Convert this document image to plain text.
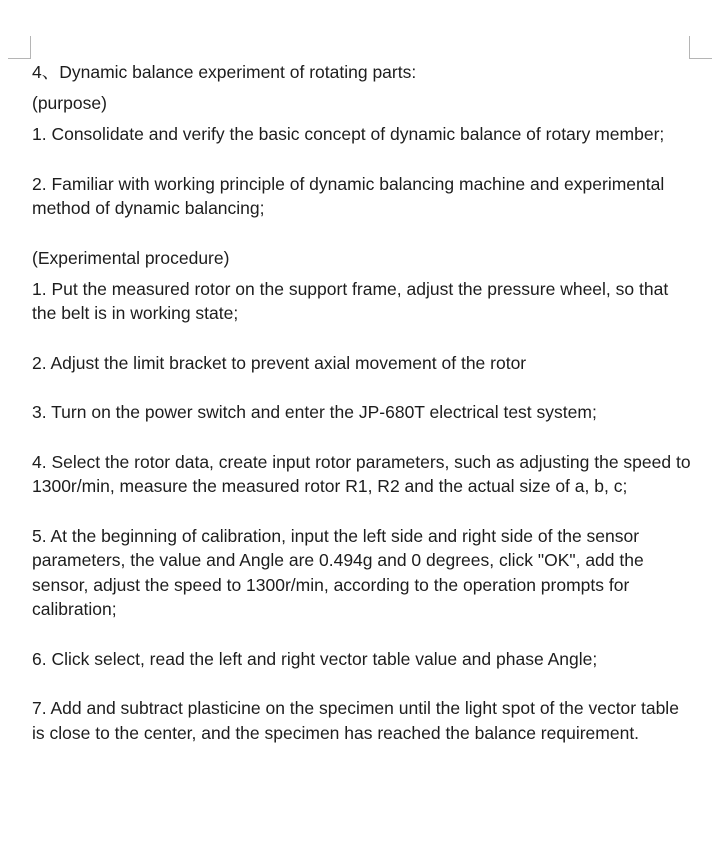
4、Dynamic balance experiment of rotating parts:

(purpose)

1. Consolidate and verify the basic concept of dynamic balance of rotary member;

2. Familiar with working principle of dynamic balancing machine and experimental method of dynamic balancing;

(Experimental procedure)

1. Put the measured rotor on the support frame, adjust the pressure wheel, so that the belt is in working state;

2. Adjust the limit bracket to prevent axial movement of the rotor

3. Turn on the power switch and enter the JP-680T electrical test system;

4. Select the rotor data, create input rotor parameters, such as adjusting the speed to 1300r/min, measure the measured rotor R1, R2 and the actual size of a, b, c;

5. At the beginning of calibration, input the left side and right side of the sensor parameters, the value and Angle are 0.494g and 0 degrees, click "OK", add the sensor, adjust the speed to 1300r/min, according to the operation prompts for calibration;

6. Click select, read the left and right vector table value and phase Angle;

7. Add and subtract plasticine on the specimen until the light spot of the vector table is close to the center, and the specimen has reached the balance requirement.
